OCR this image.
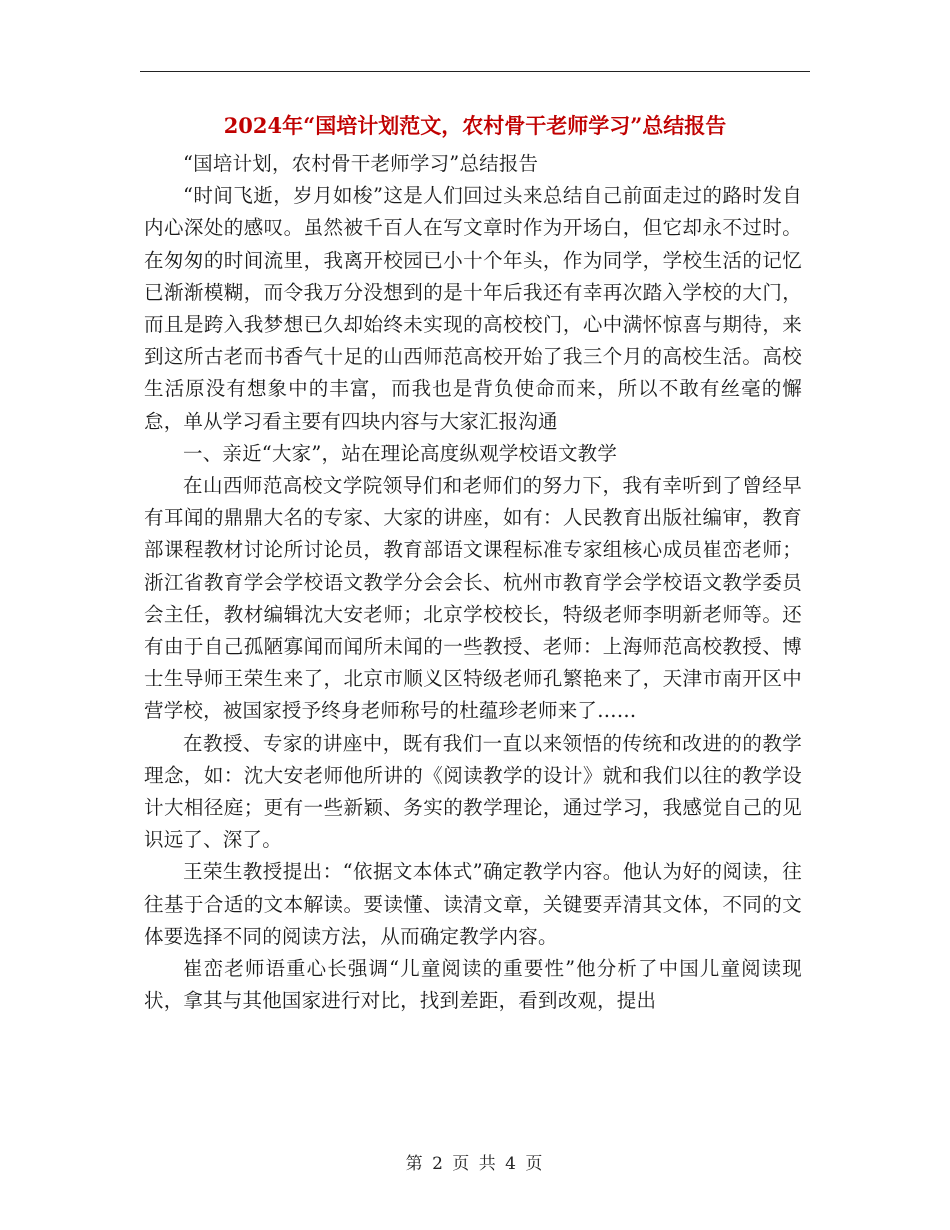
2024年“国培计划范文，农村骨干老师学习”总结报告

“国培计划，农村骨干老师学习”总结报告

“时间飞逝，岁月如梭”这是人们回过头来总结自己前面走过的路时发自内心深处的感叹。虽然被千百人在写文章时作为开场白，但它却永不过时。在匆匆的时间流里，我离开校园已小十个年头，作为同学，学校生活的记忆已渐渐模糊，而令我万分没想到的是十年后我还有幸再次踏入学校的大门，而且是跨入我梦想已久却始终未实现的高校校门，心中满怀惊喜与期待，来到这所古老而书香气十足的山西师范高校开始了我三个月的高校生活。高校生活原没有想象中的丰富，而我也是背负使命而来，所以不敢有丝毫的懈怠，单从学习看主要有四块内容与大家汇报沟通

一、亲近“大家”，站在理论高度纵观学校语文教学

在山西师范高校文学院领导们和老师们的努力下，我有幸听到了曾经早有耳闻的鼎鼎大名的专家、大家的讲座，如有：人民教育出版社编审，教育部课程教材讨论所讨论员，教育部语文课程标准专家组核心成员崔峦老师；浙江省教育学会学校语文教学分会会长、杭州市教育学会学校语文教学委员会主任，教材编辑沈大安老师；北京学校校长，特级老师李明新老师等。还有由于自己孤陋寡闻而闻所未闻的一些教授、老师：上海师范高校教授、博士生导师王荣生来了，北京市顺义区特级老师孔繁艳来了，天津市南开区中营学校，被国家授予终身老师称号的杜蕴珍老师来了……

在教授、专家的讲座中，既有我们一直以来领悟的传统和改进的的教学理念，如：沈大安老师他所讲的《阅读教学的设计》就和我们以往的教学设计大相径庭；更有一些新颖、务实的教学理论，通过学习，我感觉自己的见识远了、深了。

王荣生教授提出：“依据文本体式”确定教学内容。他认为好的阅读，往往基于合适的文本解读。要读懂、读清文章，关键要弄清其文体，不同的文体要选择不同的阅读方法，从而确定教学内容。

崔峦老师语重心长强调“儿童阅读的重要性”他分析了中国儿童阅读现状，拿其与其他国家进行对比，找到差距，看到改观，提出

第 2 页 共 4 页
